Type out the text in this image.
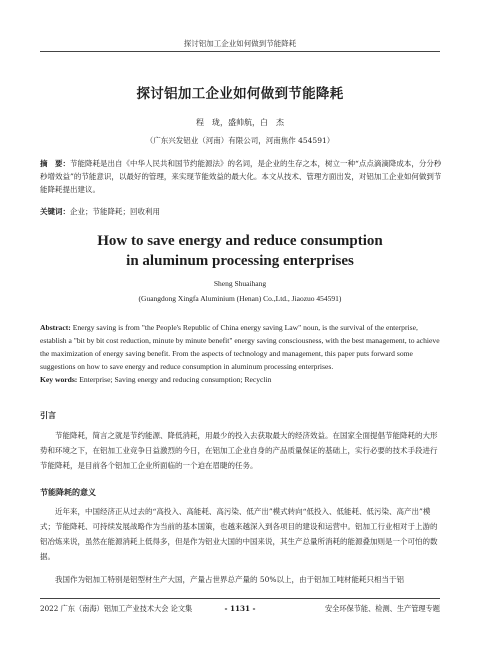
探讨铝加工企业如何做到节能降耗
探讨铝加工企业如何做到节能降耗
程　珑，盛帅航，白　杰
（广东兴发铝业（河南）有限公司，河南焦作 454591）
摘　要：节能降耗是出自《中华人民共和国节约能源法》的名词，是企业的生存之本，树立一种“点点滴滴降成本，分分秒秒增效益”的节能意识，以最好的管理，来实现节能效益的最大化。本文从技术、管理方面出发，对铝加工企业如何做到节能降耗提出建议。
关键词：企业；节能降耗；回收利用
How to save energy and reduce consumption
in aluminum processing enterprises
Sheng Shuaihang
(Guangdong Xingfa Aluminium (Henan) Co.,Ltd., Jiaozuo 454591)
Abstract: Energy saving is from "the People's Republic of China energy saving Law" noun, is the survival of the enterprise, establish a "bit by bit cost reduction, minute by minute benefit" energy saving consciousness, with the best management, to achieve the maximization of energy saving benefit. From the aspects of technology and management, this paper puts forward some suggestions on how to save energy and reduce consumption in aluminum processing enterprises.
Key words: Enterprise; Saving energy and reducing consumption; Recyclin
引言
节能降耗，简言之就是节约能源、降低消耗，用最少的投入去获取最大的经济效益。在国家全面提倡节能降耗的大形势和环境之下，在铝加工业竞争日益激烈的今日，在铝加工企业自身的产品质量保证的基础上，实行必要的技术手段进行节能降耗，是目前各个铝加工企业所面临的一个迫在眉睫的任务。
节能降耗的意义
近年来，中国经济正从过去的“高投入、高能耗、高污染、低产出”模式转向“低投入、低能耗、低污染、高产出”模式；节能降耗、可持续发展战略作为当前的基本国策，也越来越深入到各项目的建设和运营中。铝加工行业相对于上游的铝冶炼来说，虽然在能源消耗上低得多，但是作为铝业大国的中国来说，其生产总量所消耗的能源叠加则是一个可怕的数据。
我国作为铝加工特别是铝型材生产大国，产量占世界总产量的 50%以上，由于铝加工吨材能耗只相当于铝
2022 广东（南海）铝加工产业技术大会 论文集	- 1131 -	安全环保节能、检测、生产管理专题
